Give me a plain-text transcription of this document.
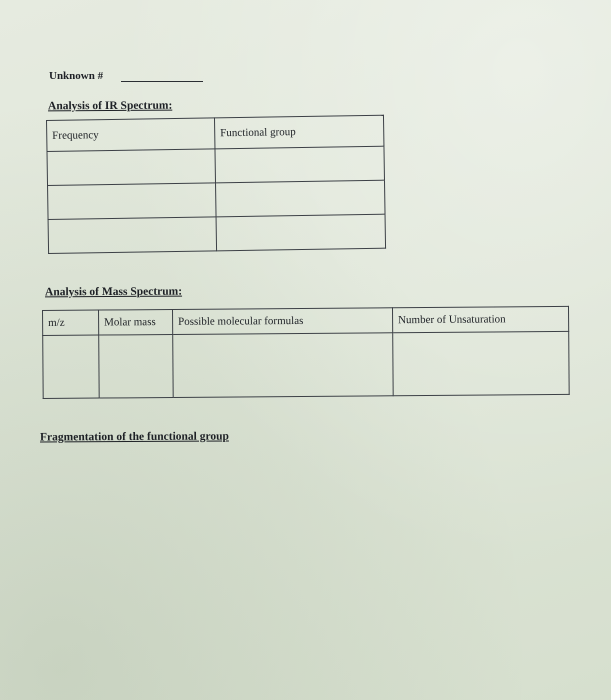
Unknown #
Analysis of IR Spectrum:
Frequency	Functional group

Analysis of Mass Spectrum:
m/z	Molar mass	Possible molecular formulas	Number of Unsaturation

Fragmentation of the functional group
